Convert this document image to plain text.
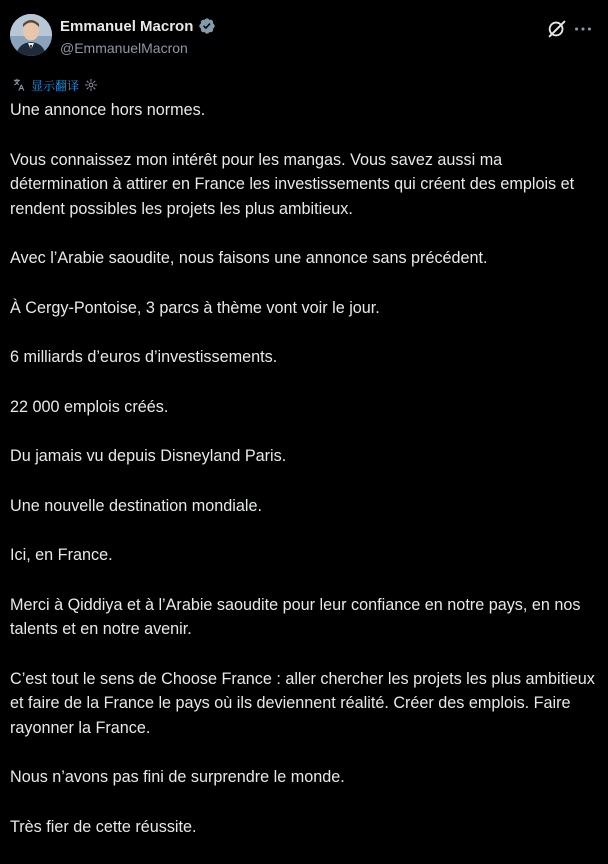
Emmanuel Macron
@EmmanuelMacron
显示翻译

Une annonce hors normes.

Vous connaissez mon intérêt pour les mangas. Vous savez aussi ma détermination à attirer en France les investissements qui créent des emplois et rendent possibles les projets les plus ambitieux.

Avec l’Arabie saoudite, nous faisons une annonce sans précédent.

À Cergy-Pontoise, 3 parcs à thème vont voir le jour.

6 milliards d’euros d’investissements.

22 000 emplois créés.

Du jamais vu depuis Disneyland Paris.

Une nouvelle destination mondiale.

Ici, en France.

Merci à Qiddiya et à l’Arabie saoudite pour leur confiance en notre pays, en nos talents et en notre avenir.

C’est tout le sens de Choose France : aller chercher les projets les plus ambitieux et faire de la France le pays où ils deviennent réalité. Créer des emplois. Faire rayonner la France.

Nous n’avons pas fini de surprendre le monde.

Très fier de cette réussite.
